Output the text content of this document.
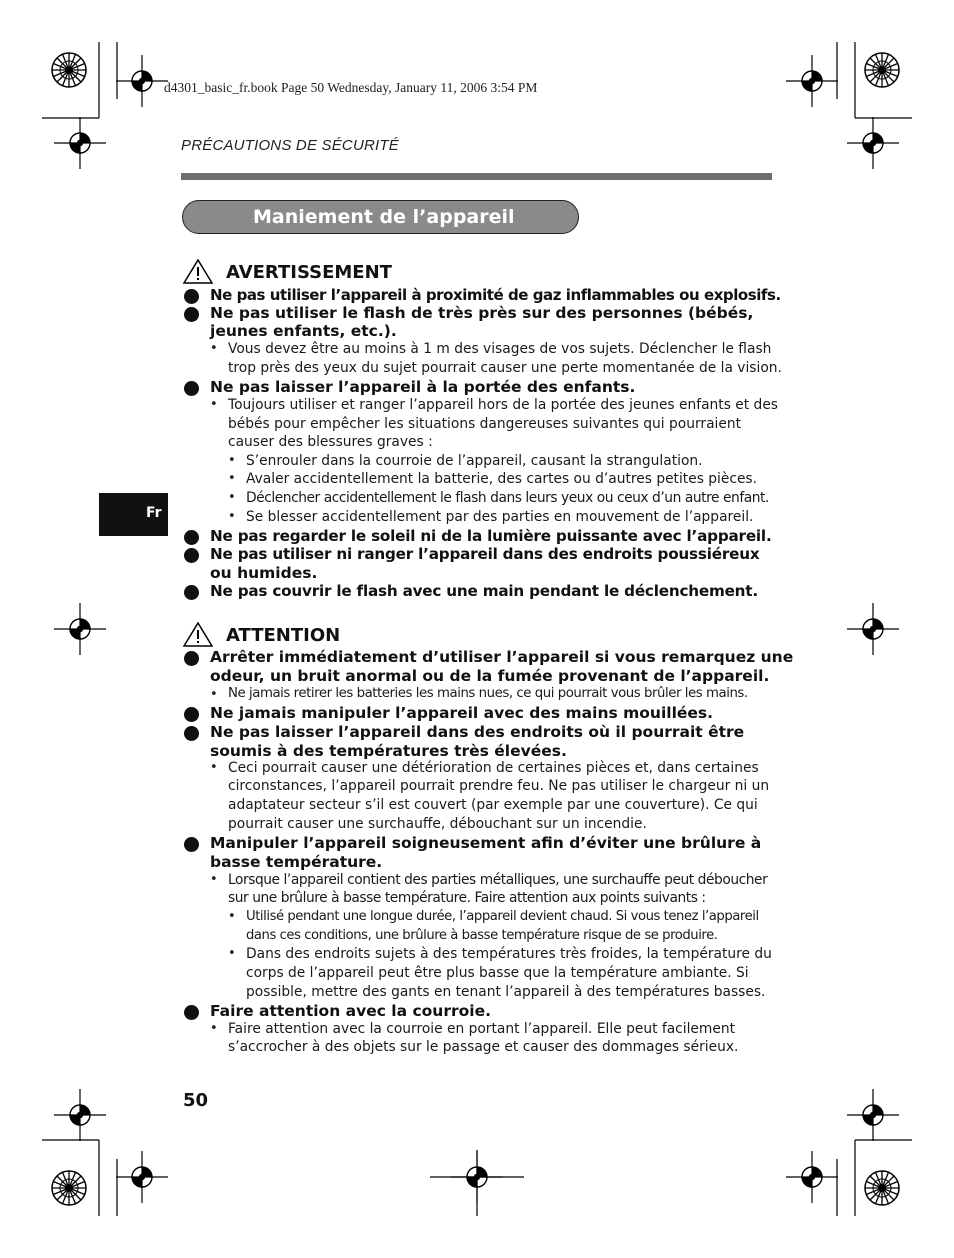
d4301_basic_fr.book Page 50 Wednesday, January 11, 2006 3:54 PM
PRÉCAUTIONS DE SÉCURITÉ
Maniement de l’appareil
Fr
AVERTISSEMENT
Ne pas utiliser l’appareil à proximité de gaz inflammables ou explosifs.
Ne pas utiliser le flash de très près sur des personnes (bébés,
jeunes enfants, etc.).
• Vous devez être au moins à 1 m des visages de vos sujets. Déclencher le flash
trop près des yeux du sujet pourrait causer une perte momentanée de la vision.
Ne pas laisser l’appareil à la portée des enfants.
• Toujours utiliser et ranger l’appareil hors de la portée des jeunes enfants et des
bébés pour empêcher les situations dangereuses suivantes qui pourraient
causer des blessures graves :
• S’enrouler dans la courroie de l’appareil, causant la strangulation.
• Avaler accidentellement la batterie, des cartes ou d’autres petites pièces.
• Déclencher accidentellement le flash dans leurs yeux ou ceux d’un autre enfant.
• Se blesser accidentellement par des parties en mouvement de l’appareil.
Ne pas regarder le soleil ni de la lumière puissante avec l’appareil.
Ne pas utiliser ni ranger l’appareil dans des endroits poussiéreux
ou humides.
Ne pas couvrir le flash avec une main pendant le déclenchement.
ATTENTION
Arrêter immédiatement d’utiliser l’appareil si vous remarquez une
odeur, un bruit anormal ou de la fumée provenant de l’appareil.
• Ne jamais retirer les batteries les mains nues, ce qui pourrait vous brûler les mains.
Ne jamais manipuler l’appareil avec des mains mouillées.
Ne pas laisser l’appareil dans des endroits où il pourrait être
soumis à des températures très élevées.
• Ceci pourrait causer une détérioration de certaines pièces et, dans certaines
circonstances, l’appareil pourrait prendre feu. Ne pas utiliser le chargeur ni un
adaptateur secteur s’il est couvert (par exemple par une couverture). Ce qui
pourrait causer une surchauffe, débouchant sur un incendie.
Manipuler l’appareil soigneusement afin d’éviter une brûlure à
basse température.
• Lorsque l’appareil contient des parties métalliques, une surchauffe peut déboucher
sur une brûlure à basse température. Faire attention aux points suivants :
• Utilisé pendant une longue durée, l’appareil devient chaud. Si vous tenez l’appareil
dans ces conditions, une brûlure à basse température risque de se produire.
• Dans des endroits sujets à des températures très froides, la température du
corps de l’appareil peut être plus basse que la température ambiante. Si
possible, mettre des gants en tenant l’appareil à des températures basses.
Faire attention avec la courroie.
• Faire attention avec la courroie en portant l’appareil. Elle peut facilement
s’accrocher à des objets sur le passage et causer des dommages sérieux.
50
